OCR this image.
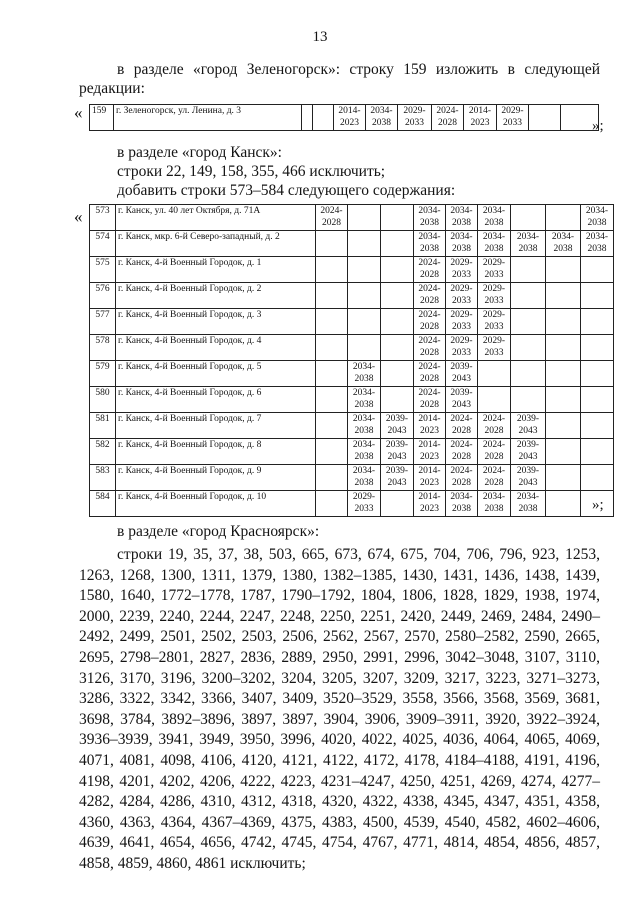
13
в разделе «город Зеленогорск»: строку 159 изложить в следующей
редакции:
« 159	г. Зеленогорск, ул. Ленина, д. 3			2014-2023	2034-2038	2029-2033	2024-2028	2014-2023	2029-2033			»;
в разделе «город Канск»:
строки 22, 149, 158, 355, 466 исключить;
добавить строки 573–584 следующего содержания:
« 573	г. Канск, ул. 40 лет Октября, д. 71А	2024-2028			2034-2038	2034-2038	2034-2038			2034-2038
574	г. Канск, мкр. 6-й Северо-западный, д. 2				2034-2038	2034-2038	2034-2038	2034-2038	2034-2038	2034-2038
575	г. Канск, 4-й Военный Городок, д. 1				2024-2028	2029-2033	2029-2033			
576	г. Канск, 4-й Военный Городок, д. 2				2024-2028	2029-2033	2029-2033			
577	г. Канск, 4-й Военный Городок, д. 3				2024-2028	2029-2033	2029-2033			
578	г. Канск, 4-й Военный Городок, д. 4				2024-2028	2029-2033	2029-2033			
579	г. Канск, 4-й Военный Городок, д. 5		2034-2038		2024-2028	2039-2043				
580	г. Канск, 4-й Военный Городок, д. 6		2034-2038		2024-2028	2039-2043				
581	г. Канск, 4-й Военный Городок, д. 7		2034-2038	2039-2043	2014-2023	2024-2028	2024-2028	2039-2043		
582	г. Канск, 4-й Военный Городок, д. 8		2034-2038	2039-2043	2014-2023	2024-2028	2024-2028	2039-2043		
583	г. Канск, 4-й Военный Городок, д. 9		2034-2038	2039-2043	2014-2023	2024-2028	2024-2028	2039-2043		
584	г. Канск, 4-й Военный Городок, д. 10		2029-2033		2014-2023	2034-2038	2034-2038	2034-2038			»;
в разделе «город Красноярск»:
строки 19, 35, 37, 38, 503, 665, 673, 674, 675, 704, 706, 796, 923, 1253,
1263, 1268, 1300, 1311, 1379, 1380, 1382–1385, 1430, 1431, 1436, 1438, 1439,
1580, 1640, 1772–1778, 1787, 1790–1792, 1804, 1806, 1828, 1829, 1938, 1974,
2000, 2239, 2240, 2244, 2247, 2248, 2250, 2251, 2420, 2449, 2469, 2484, 2490–
2492, 2499, 2501, 2502, 2503, 2506, 2562, 2567, 2570, 2580–2582, 2590, 2665,
2695, 2798–2801, 2827, 2836, 2889, 2950, 2991, 2996, 3042–3048, 3107, 3110,
3126, 3170, 3196, 3200–3202, 3204, 3205, 3207, 3209, 3217, 3223, 3271–3273,
3286, 3322, 3342, 3366, 3407, 3409, 3520–3529, 3558, 3566, 3568, 3569, 3681,
3698, 3784, 3892–3896, 3897, 3897, 3904, 3906, 3909–3911, 3920, 3922–3924,
3936–3939, 3941, 3949, 3950, 3996, 4020, 4022, 4025, 4036, 4064, 4065, 4069,
4071, 4081, 4098, 4106, 4120, 4121, 4122, 4172, 4178, 4184–4188, 4191, 4196,
4198, 4201, 4202, 4206, 4222, 4223, 4231–4247, 4250, 4251, 4269, 4274, 4277–
4282, 4284, 4286, 4310, 4312, 4318, 4320, 4322, 4338, 4345, 4347, 4351, 4358,
4360, 4363, 4364, 4367–4369, 4375, 4383, 4500, 4539, 4540, 4582, 4602–4606,
4639, 4641, 4654, 4656, 4742, 4745, 4754, 4767, 4771, 4814, 4854, 4856, 4857,
4858, 4859, 4860, 4861 исключить;
